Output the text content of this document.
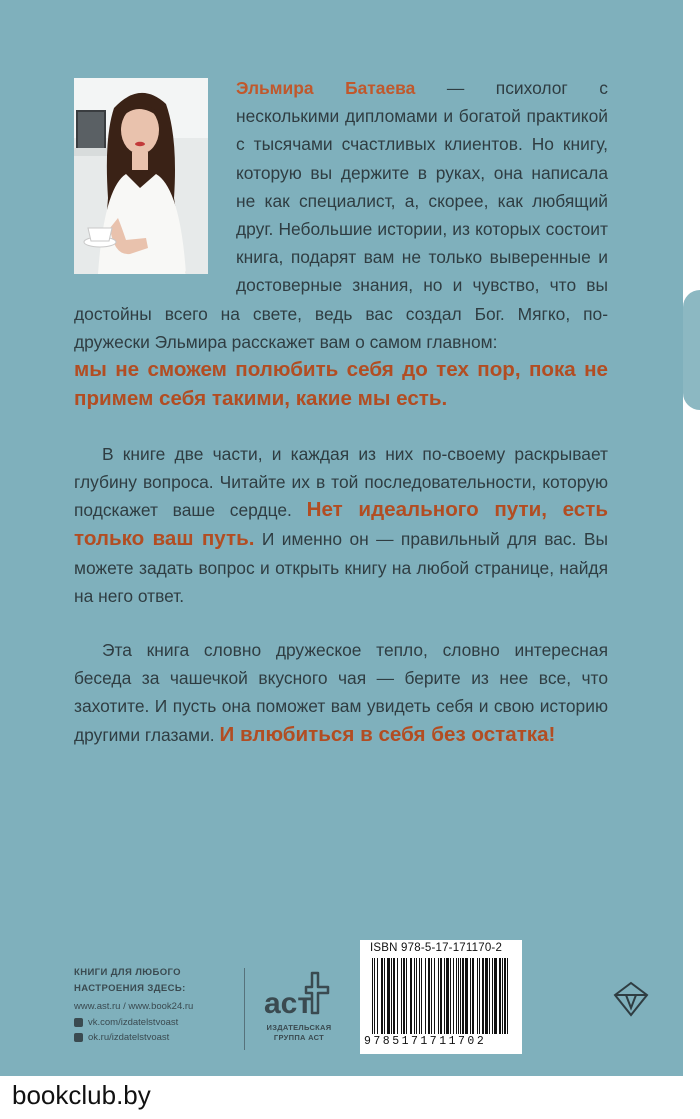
Эльмира Батаева — психолог с несколькими дипломами и богатой практикой с тысячами счастливых клиентов. Но книгу, которую вы держите в руках, она написала не как специалист, а, скорее, как любящий друг. Небольшие истории, из которых состоит книга, подарят вам не только выверенные и достоверные знания, но и чувство, что вы достойны всего на свете, ведь вас создал Бог. Мягко, по-дружески Эльмира расскажет вам о самом главном:

мы не сможем полюбить себя до тех пор, пока не примем себя такими, какие мы есть.

В книге две части, и каждая из них по-своему раскрывает глубину вопроса. Читайте их в той последовательности, которую подскажет ваше сердце. Нет идеального пути, есть только ваш путь. И именно он — правильный для вас. Вы можете задать вопрос и открыть книгу на любой странице, найдя на него ответ.

Эта книга словно дружеское тепло, словно интересная беседа за чашечкой вкусного чая — берите из нее все, что захотите. И пусть она поможет вам увидеть себя и свою историю другими глазами. И влюбиться в себя без остатка!

КНИГИ ДЛЯ ЛЮБОГО
НАСТРОЕНИЯ ЗДЕСЬ:
www.ast.ru / www.book24.ru
vk.com/izdatelstvoast
ok.ru/izdatelstvoast
аст
ИЗДАТЕЛЬСКАЯ
ГРУППА АСТ
ISBN 978-5-17-171170-2
9785171711702
bookclub.by
